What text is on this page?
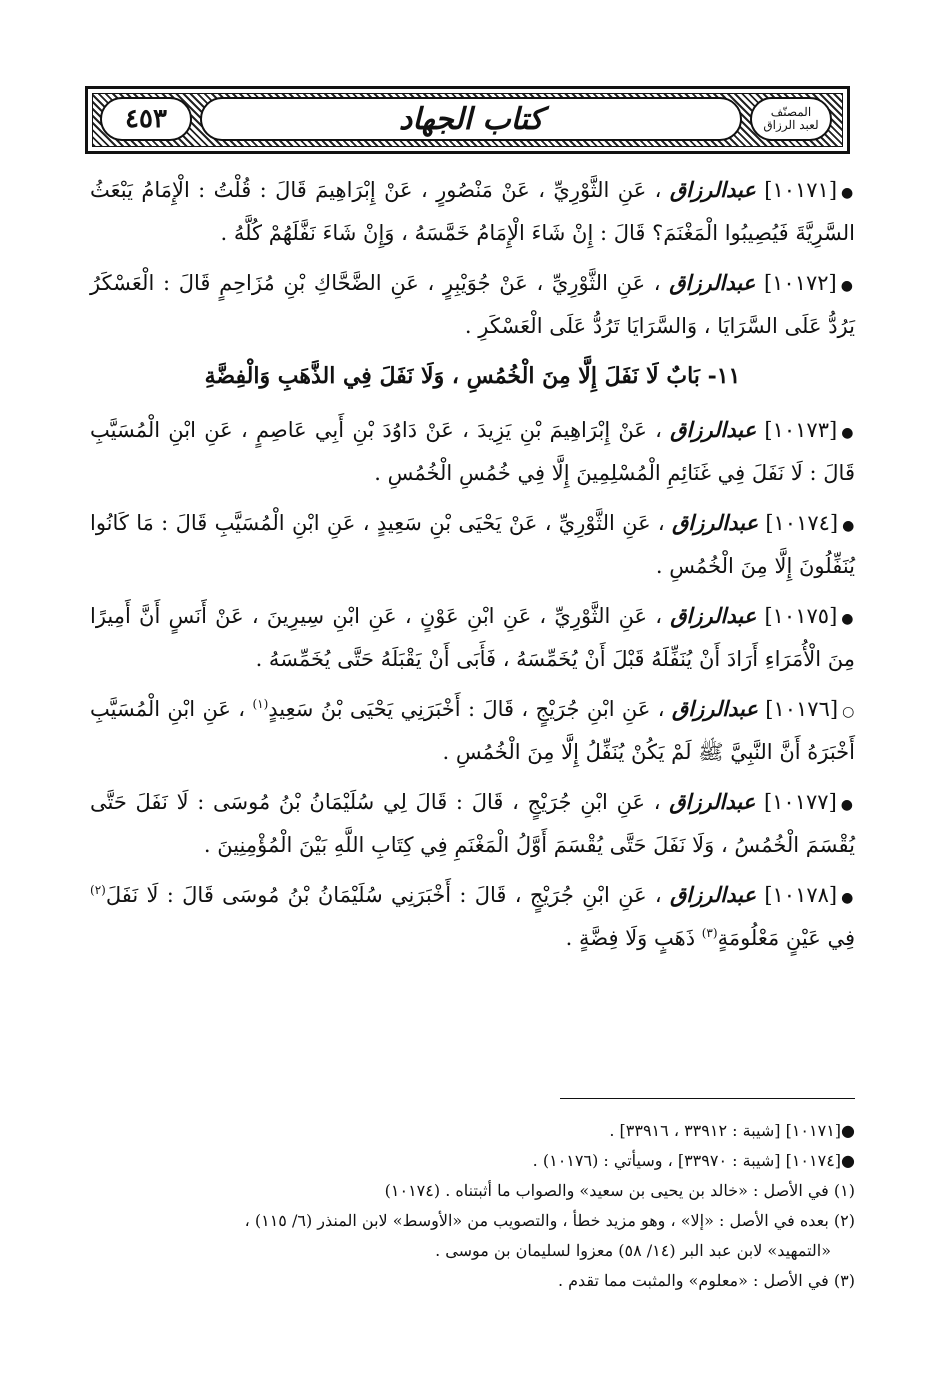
٤٥٣	كتاب الجهاد	المصنّف
لعبد الرزاق

●[١٠١٧١] عبدالرزاق ، عَنِ الثَّوْرِيِّ ، عَنْ مَنْصُورٍ ، عَنْ إِبْرَاهِيمَ قَالَ : قُلْتُ : الْإِمَامُ يَبْعَثُ السَّرِيَّةَ فَيُصِيبُوا الْمَغْنَمَ؟ قَالَ : إِنْ شَاءَ الْإِمَامُ خَمَّسَهُ ، وَإِنْ شَاءَ نَفَّلَهُمْ كُلَّهُ .

●[١٠١٧٢] عبدالرزاق ، عَنِ الثَّوْرِيِّ ، عَنْ جُوَيْبِرٍ ، عَنِ الضَّحَّاكِ بْنِ مُزَاحِمٍ قَالَ : الْعَسْكَرُ يَرُدُّ عَلَى السَّرَايَا ، وَالسَّرَايَا تَرُدُّ عَلَى الْعَسْكَرِ .

١١- بَابٌ لَا نَفَلَ إِلَّا مِنَ الْخُمُسِ ، وَلَا نَفَلَ فِي الذَّهَبِ وَالْفِضَّةِ

●[١٠١٧٣] عبدالرزاق ، عَنْ إِبْرَاهِيمَ بْنِ يَزِيدَ ، عَنْ دَاوُدَ بْنِ أَبِي عَاصِمٍ ، عَنِ ابْنِ الْمُسَيَّبِ قَالَ : لَا نَفَلَ فِي غَنَائِمِ الْمُسْلِمِينَ إِلَّا فِي خُمُسِ الْخُمُسِ .

●[١٠١٧٤] عبدالرزاق ، عَنِ الثَّوْرِيِّ ، عَنْ يَحْيَى بْنِ سَعِيدٍ ، عَنِ ابْنِ الْمُسَيَّبِ قَالَ : مَا كَانُوا يُنَفِّلُونَ إِلَّا مِنَ الْخُمُسِ .

●[١٠١٧٥] عبدالرزاق ، عَنِ الثَّوْرِيِّ ، عَنِ ابْنِ عَوْنٍ ، عَنِ ابْنِ سِيرِينَ ، عَنْ أَنَسٍ أَنَّ أَمِيرًا مِنَ الْأُمَرَاءِ أَرَادَ أَنْ يُنَفِّلَهُ قَبْلَ أَنْ يُخَمِّسَهُ ، فَأَبَى أَنْ يَقْبَلَهُ حَتَّى يُخَمِّسَهُ .

○[١٠١٧٦] عبدالرزاق ، عَنِ ابْنِ جُرَيْجٍ ، قَالَ : أَخْبَرَنِي يَحْيَى بْنُ سَعِيدٍ$^{(١)}$ ، عَنِ ابْنِ الْمُسَيَّبِ أَخْبَرَهُ أَنَّ النَّبِيَّ ﷺ لَمْ يَكُنْ يُنَفِّلُ إِلَّا مِنَ الْخُمُسِ .

●[١٠١٧٧] عبدالرزاق ، عَنِ ابْنِ جُرَيْجٍ ، قَالَ : قَالَ لِي سُلَيْمَانُ بْنُ مُوسَى : لَا نَفَلَ حَتَّى يُقْسَمَ الْخُمُسُ ، وَلَا نَفَلَ حَتَّى يُقْسَمَ أَوَّلُ الْمَغْنَمِ فِي كِتَابِ اللَّهِ بَيْنَ الْمُؤْمِنِينَ .

●[١٠١٧٨] عبدالرزاق ، عَنِ ابْنِ جُرَيْجٍ ، قَالَ : أَخْبَرَنِي سُلَيْمَانُ بْنُ مُوسَى قَالَ : لَا نَفَلَ$^{(٢)}$ فِي عَيْنٍ مَعْلُومَةٍ$^{(٣)}$ ذَهَبٍ وَلَا فِضَّةٍ .

●[١٠١٧١] [شيبة : ٣٣٩١٢ ، ٣٣٩١٦] .

●[١٠١٧٤] [شيبة : ٣٣٩٧٠] ، وسيأتي : (١٠١٧٦) .

(١) في الأصل : «خالد بن يحيى بن سعيد» والصواب ما أثبتناه . (١٠١٧٤)

(٢) بعده في الأصل : «إلا» ، وهو مزيد خطأ ، والتصويب من «الأوسط» لابن المنذر (٦/ ١١٥) ،

«التمهيد» لابن عبد البر (١٤/ ٥٨) معزوا لسليمان بن موسى .

(٣) في الأصل : «معلوم» والمثبت مما تقدم .
